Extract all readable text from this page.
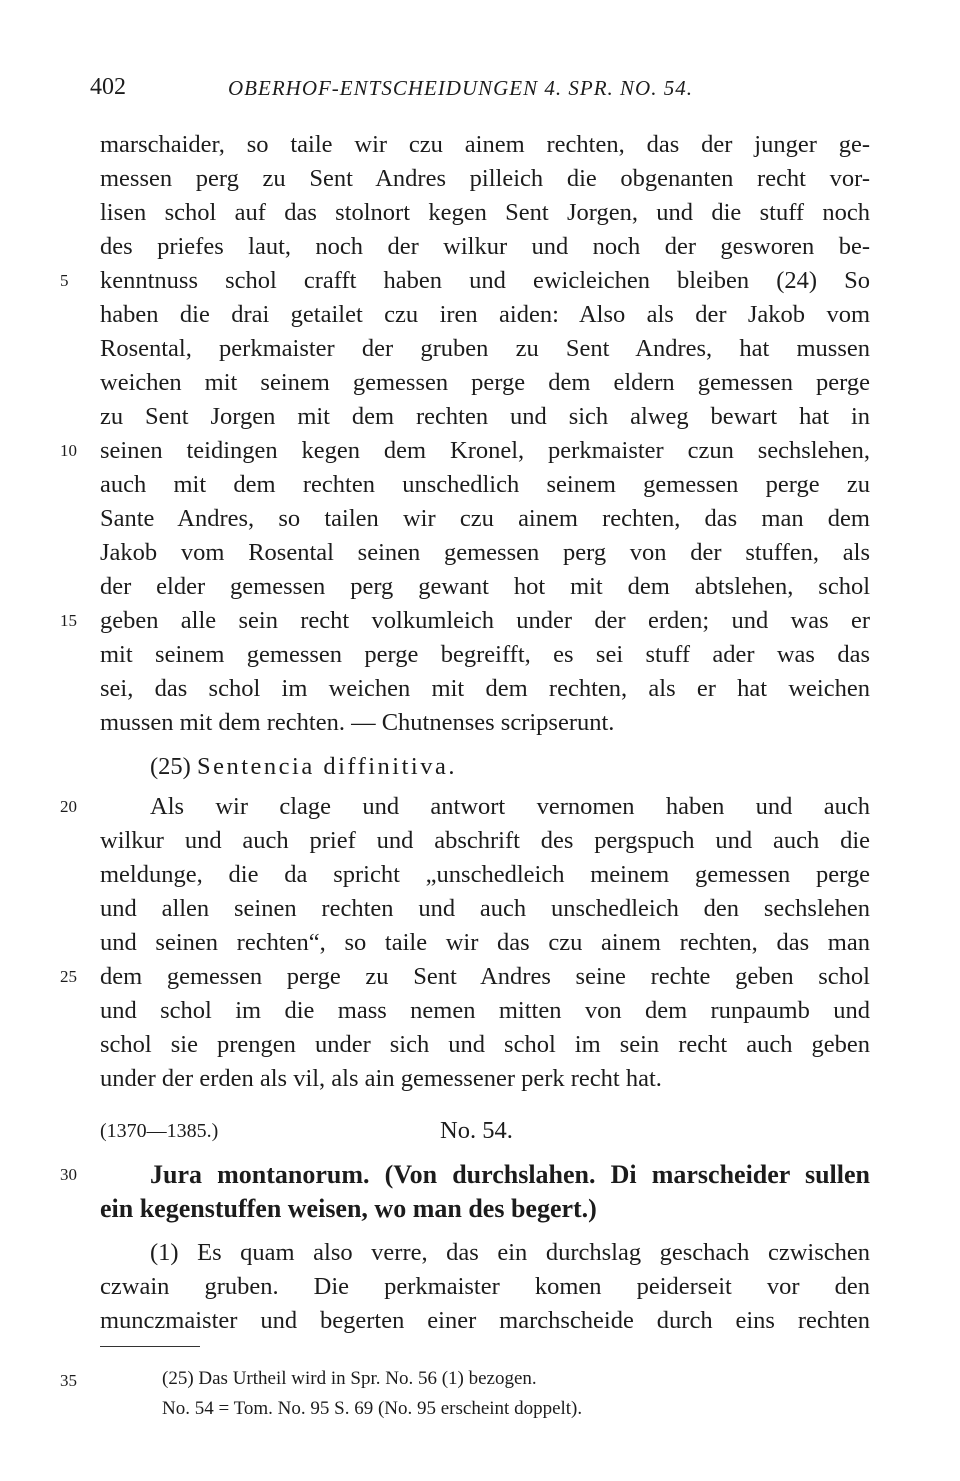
402	OBERHOF-ENTSCHEIDUNGEN 4. SPR. NO. 54.
marschaider, so taile wir czu ainem rechten, das der junger ge-
messen perg zu Sent Andres pilleich die obgenanten recht vor-
lisen schol auf das stolnort kegen Sent Jorgen, und die stuff noch
des priefes laut, noch der wilkur und noch der gesworen be-
5	kenntnuss schol crafft haben und ewicleichen bleiben (24) So
haben die drai getailet czu iren aiden: Also als der Jakob vom
Rosental, perkmaister der gruben zu Sent Andres, hat mussen
weichen mit seinem gemessen perge dem eldern gemessen perge
zu Sent Jorgen mit dem rechten und sich alweg bewart hat in
10 seinen teidingen kegen dem Kronel, perkmaister czun sechslehen,
auch mit dem rechten unschedlich seinem gemessen perge zu
Sante Andres, so tailen wir czu ainem rechten, das man dem
Jakob vom Rosental seinen gemessen perg von der stuffen, als
der elder gemessen perg gewant hot mit dem abtslehen, schol
15 geben alle sein recht volkumleich under der erden; und was er
mit seinem gemessen perge begreifft, es sei stuff ader was das
sei, das schol im weichen mit dem rechten, als er hat weichen
mussen mit dem rechten. — Chutnenses scripserunt.
(25) Sentencia diffinitiva.
20	Als wir clage und antwort vernomen haben und auch
wilkur und auch prief und abschrift des pergspuch und auch die
meldunge, die da spricht „unschedleich meinem gemessen perge
und allen seinen rechten und auch unschedleich den sechslehen
und seinen rechten“, so taile wir das czu ainem rechten, das man
25 dem gemessen perge zu Sent Andres seine rechte geben schol
und schol im die mass nemen mitten von dem runpaumb und
schol sie prengen under sich und schol im sein recht auch geben
under der erden als vil, als ain gemessener perk recht hat.
(1370—1385.)	No. 54.
30	Jura montanorum. (Von durchslahen. Di marscheider sullen
ein kegenstuffen weisen, wo man des begert.)
(1) Es quam also verre, das ein durchslag geschach czwischen
czwain gruben. Die perkmaister komen peiderseit vor den
munczmaister und begerten einer marchscheide durch eins rechten
35	(25) Das Urtheil wird in Spr. No. 56 (1) bezogen.
No. 54 = Tom. No. 95 S. 69 (No. 95 erscheint doppelt).
